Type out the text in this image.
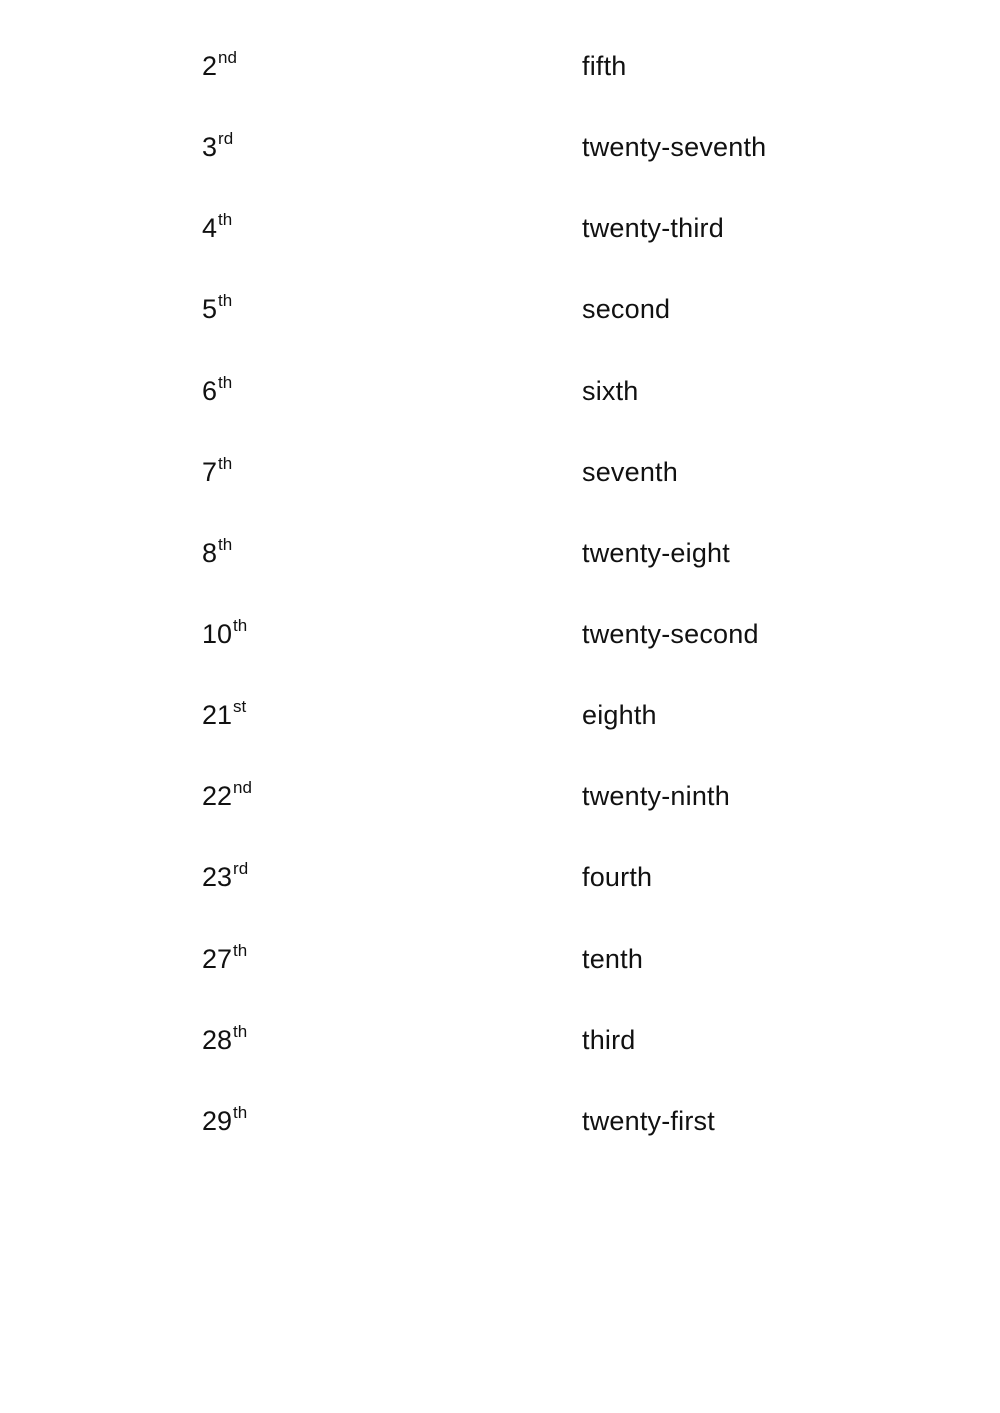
2nd	fifth
3rd	twenty-seventh
4th	twenty-third
5th	second
6th	sixth
7th	seventh
8th	twenty-eight
10th	twenty-second
21st	eighth
22nd	twenty-ninth
23rd	fourth
27th	tenth
28th	third
29th	twenty-first
